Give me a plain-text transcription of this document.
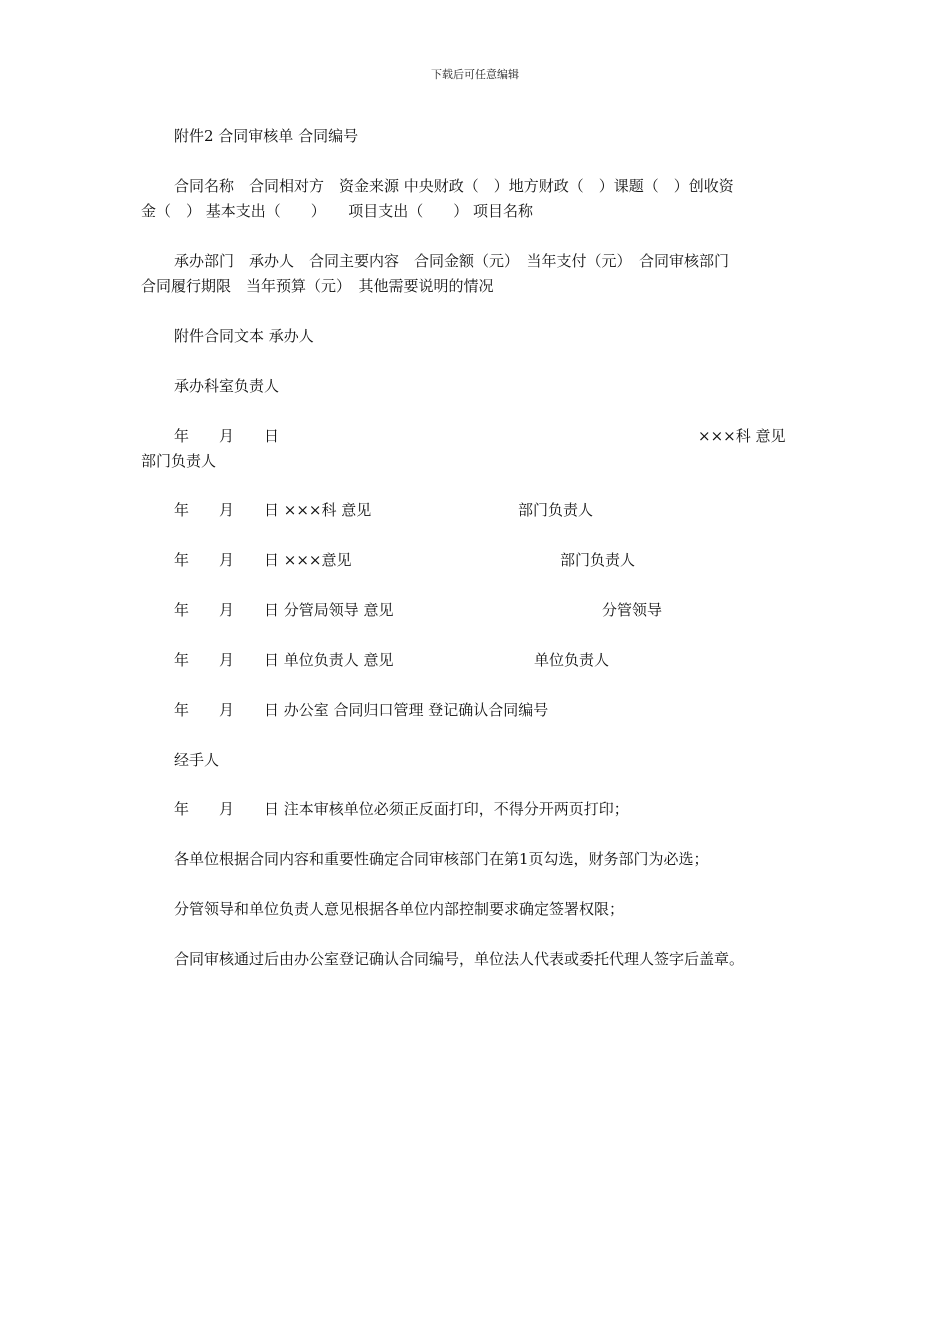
下载后可任意编辑
附件2 合同审核单 合同编号
合同名称　合同相对方　资金来源 中央财政（　）地方财政（　）课题（　）创收资
金（　） 基本支出（　　）　　项目支出（　　） 项目名称
承办部门　承办人　合同主要内容　合同金额（元）　当年支付（元）　合同审核部门
合同履行期限　当年预算（元）　其他需要说明的情况
附件合同文本 承办人
承办科室负责人
年　　月　　日	×××科 意见
部门负责人
年　　月　　日 ×××科 意见	部门负责人
年　　月　　日 ×××意见	部门负责人
年　　月　　日 分管局领导 意见	分管领导
年　　月　　日 单位负责人 意见	单位负责人
年　　月　　日 办公室 合同归口管理 登记确认合同编号
经手人
年　　月　　日 注本审核单位必须正反面打印，不得分开两页打印；
各单位根据合同内容和重要性确定合同审核部门在第1页勾选，财务部门为必选；
分管领导和单位负责人意见根据各单位内部控制要求确定签署权限；
合同审核通过后由办公室登记确认合同编号，单位法人代表或委托代理人签字后盖章。
